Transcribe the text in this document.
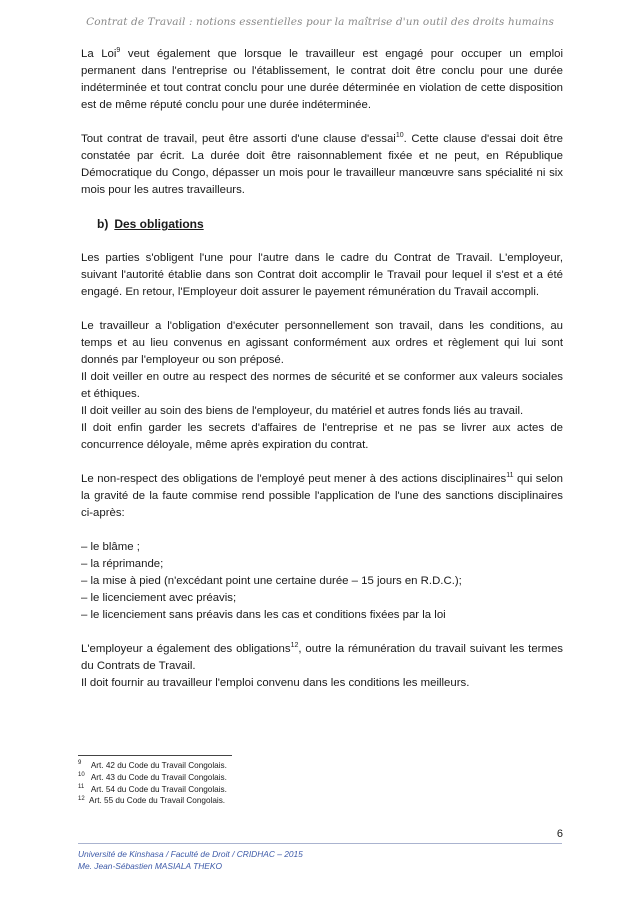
Contrat de Travail : notions essentielles pour la maîtrise d'un outil des droits humains

La Loi$^9$ veut également que lorsque le travailleur est engagé pour occuper un emploi permanent dans l'entreprise ou l'établissement, le contrat doit être conclu pour une durée indéterminée et tout contrat conclu pour une durée déterminée en violation de cette disposition est de même réputé conclu pour une durée indéterminée.

Tout contrat de travail, peut être assorti d'une clause d'essai$^{10}$. Cette clause d'essai doit être constatée par écrit. La durée doit être raisonnablement fixée et ne peut, en République Démocratique du Congo, dépasser un mois pour le travailleur manœuvre sans spécialité ni six mois pour les autres travailleurs.

b) Des obligations

Les parties s'obligent l'une pour l'autre dans le cadre du Contrat de Travail. L'employeur, suivant l'autorité établie dans son Contrat doit accomplir le Travail pour lequel il s'est et a été engagé. En retour, l'Employeur doit assurer le payement rémunération du Travail accompli.

Le travailleur a l'obligation d'exécuter personnellement son travail, dans les conditions, au temps et au lieu convenus en agissant conformément aux ordres et règlement qui lui sont donnés par l'employeur ou son préposé.

Il doit veiller en outre au respect des normes de sécurité et se conformer aux valeurs sociales et éthiques.

Il doit veiller au soin des biens de l'employeur, du matériel et autres fonds liés au travail.

Il doit enfin garder les secrets d'affaires de l'entreprise et ne pas se livrer aux actes de concurrence déloyale, même après expiration du contrat.

Le non-respect des obligations de l'employé peut mener à des actions disciplinaires$^{11}$ qui selon la gravité de la faute commise rend possible l'application de l'une des sanctions disciplinaires ci-après:

– le blâme ;
– la réprimande;
– la mise à pied (n'excédant point une certaine durée – 15 jours en R.D.C.);
– le licenciement avec préavis;
– le licenciement sans préavis dans les cas et conditions fixées par la loi

L'employeur a également des obligations$^{12}$, outre la rémunération du travail suivant les termes du Contrats de Travail.

Il doit fournir au travailleur l'emploi convenu dans les conditions les meilleurs.

9 Art. 42 du Code du Travail Congolais.
10 Art. 43 du Code du Travail Congolais.
11 Art. 54 du Code du Travail Congolais.
12 Art. 55 du Code du Travail Congolais.
6
Université de Kinshasa / Faculté de Droit / CRIDHAC – 2015
Me. Jean-Sébastien MASIALA THEKO
